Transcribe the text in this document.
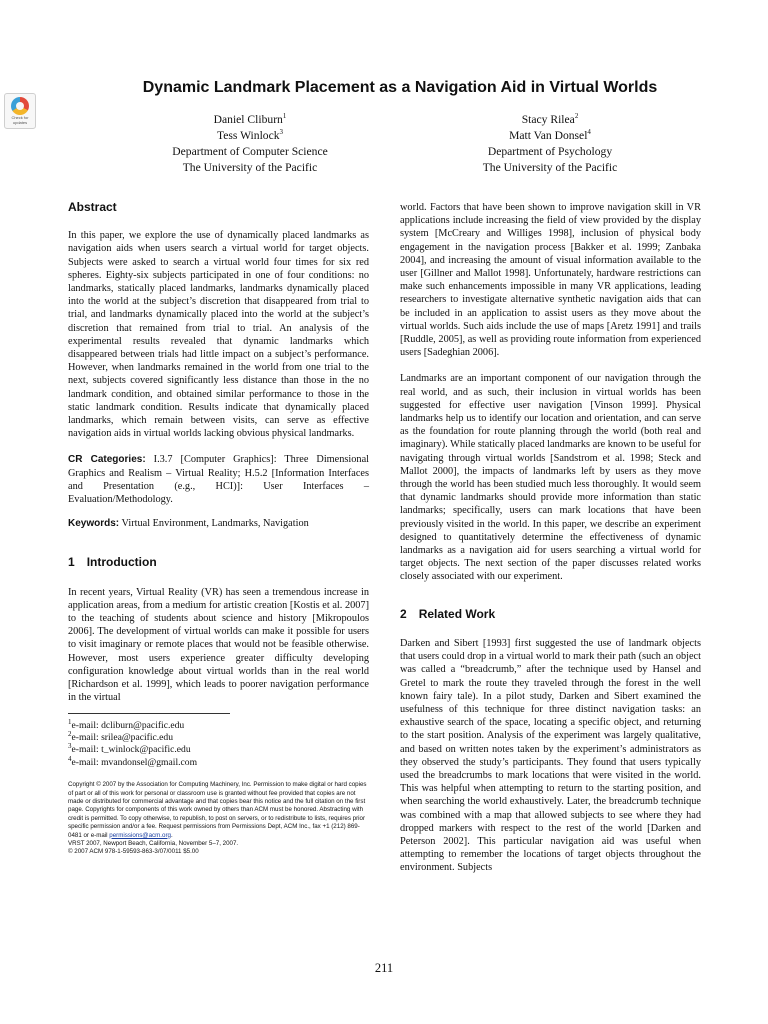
Check for
updates
Dynamic Landmark Placement as a Navigation Aid in Virtual Worlds
Daniel Cliburn$^1$
Tess Winlock$^3$
Department of Computer Science
The University of the Pacific
Stacy Rilea$^2$
Matt Van Donsel$^4$
Department of Psychology
The University of the Pacific
Abstract

In this paper, we explore the use of dynamically placed landmarks as navigation aids when users search a virtual world for target objects. Subjects were asked to search a virtual world four times for six red spheres. Eighty-six subjects participated in one of four conditions: no landmarks, statically placed landmarks, landmarks dynamically placed into the world at the subject’s discretion that disappeared from trial to trial, and landmarks dynamically placed into the world at the subject’s discretion that remained from trial to trial. An analysis of the experimental results revealed that dynamic landmarks which disappeared between trials had little impact on a subject’s performance. However, when landmarks remained in the world from one trial to the next, subjects covered significantly less distance than those in the no landmark condition, and obtained similar performance to those in the static landmark condition. Results indicate that dynamically placed landmarks, which remain between visits, can serve as effective navigation aids in virtual worlds lacking obvious physical landmarks.

CR Categories: I.3.7 [Computer Graphics]: Three Dimensional Graphics and Realism – Virtual Reality; H.5.2 [Information Interfaces and Presentation (e.g., HCI)]: User Interfaces – Evaluation/Methodology.

Keywords: Virtual Environment, Landmarks, Navigation

1 Introduction

In recent years, Virtual Reality (VR) has seen a tremendous increase in application areas, from a medium for artistic creation [Kostis et al. 2007] to the teaching of students about science and history [Mikropoulos 2006]. The development of virtual worlds can make it possible for users to visit imaginary or remote places that would not be feasible otherwise. However, most users experience greater difficulty developing configuration knowledge about virtual worlds than in the real world [Richardson et al. 1999], which leads to poorer navigation performance in the virtual

$^1$e-mail: dcliburn@pacific.edu
$^2$e-mail: srilea@pacific.edu
$^3$e-mail: t_winlock@pacific.edu
$^4$e-mail: mvandonsel@gmail.com
Copyright © 2007 by the Association for Computing Machinery, Inc. Permission to make digital or hard copies of part or all of this work for personal or classroom use is granted without fee provided that copies are not made or distributed for commercial advantage and that copies bear this notice and the full citation on the first page. Copyrights for components of this work owned by others than ACM must be honored. Abstracting with credit is permitted. To copy otherwise, to republish, to post on servers, or to redistribute to lists, requires prior specific permission and/or a fee. Request permissions from Permissions Dept, ACM Inc., fax +1 (212) 869-0481 or e-mail permissions@acm.org.
VRST 2007, Newport Beach, California, November 5–7, 2007.
© 2007 ACM 978-1-59593-863-3/07/0011 $5.00

world. Factors that have been shown to improve navigation skill in VR applications include increasing the field of view provided by the display system [McCreary and Williges 1998], inclusion of physical body engagement in the navigation process [Bakker et al. 1999; Zanbaka 2004], and increasing the amount of visual information available to the user [Gillner and Mallot 1998]. Unfortunately, hardware restrictions can make such enhancements impossible in many VR applications, leading researchers to investigate alternative synthetic navigation aids that can be included in an application to assist users as they move about the virtual worlds. Such aids include the use of maps [Aretz 1991] and trails [Ruddle, 2005], as well as providing route information from experienced users [Sadeghian 2006].

Landmarks are an important component of our navigation through the real world, and as such, their inclusion in virtual worlds has been suggested for effective user navigation [Vinson 1999]. Physical landmarks help us to identify our location and orientation, and can serve as the foundation for route planning through the world (both real and imaginary). While statically placed landmarks are known to be useful for navigating through virtual worlds [Sandstrom et al. 1998; Steck and Mallot 2000], the impacts of landmarks left by users as they move through the world has been studied much less thoroughly. It would seem that dynamic landmarks should provide more information than static landmarks; specifically, users can mark locations that have been previously visited in the world. In this paper, we describe an experiment designed to quantitatively determine the effectiveness of dynamic landmarks as a navigation aid for users searching a virtual world for target objects. The next section of the paper discusses related works closely associated with our experiment.

2 Related Work

Darken and Sibert [1993] first suggested the use of landmark objects that users could drop in a virtual world to mark their path (such an object was called a “breadcrumb,” after the technique used by Hansel and Gretel to mark the route they traveled through the forest in the well known fairy tale). In a pilot study, Darken and Sibert examined the usefulness of this technique for three distinct navigation tasks: an exhaustive search of the space, locating a specific object, and returning to the start position. Analysis of the experiment was largely qualitative, and based on written notes taken by the experiment’s administrators as they observed the study’s participants. They found that users typically used the breadcrumbs to mark locations that were visited in the world. This was helpful when attempting to return to the starting position, and when searching the world exhaustively. Later, the breadcrumb technique was combined with a map that allowed subjects to see where they had dropped markers with respect to the rest of the world [Darken and Peterson 2002]. This particular navigation aid was useful when attempting to remember the locations of target objects throughout the environment. Subjects

211
